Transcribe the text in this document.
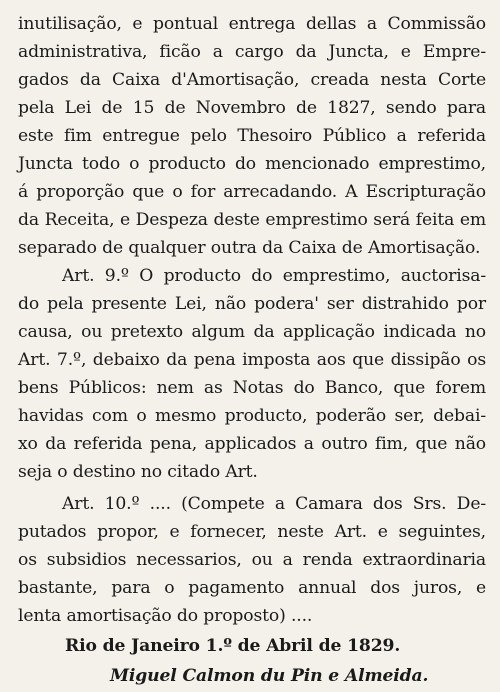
inutilisação, e pontual entrega dellas a Commissão
administrativa, ficão a cargo da Juncta, e Empre-
gados da Caixa d'Amortisação, creada nesta Corte
pela Lei de 15 de Novembro de 1827, sendo para
este fim entregue pelo Thesoiro Público a referida
Juncta todo o producto do mencionado emprestimo,
á proporção que o for arrecadando. A Escripturação
da Receita, e Despeza deste emprestimo será feita em
separado de qualquer outra da Caixa de Amortisação.
Art. 9.º O producto do emprestimo, auctorisa-
do pela presente Lei, não podera' ser distrahido por
causa, ou pretexto algum da applicação indicada no
Art. 7.º, debaixo da pena imposta aos que dissipão os
bens Públicos: nem as Notas do Banco, que forem
havidas com o mesmo producto, poderão ser, debai-
xo da referida pena, applicados a outro fim, que não
seja o destino no citado Art.
Art. 10.º .... (Compete a Camara dos Srs. De-
putados propor, e fornecer, neste Art. e seguintes,
os subsidios necessarios, ou a renda extraordinaria
bastante, para o pagamento annual dos juros, e
lenta amortisação do proposto) ....
Rio de Janeiro 1.º de Abril de 1829.
Miguel Calmon du Pin e Almeida.
